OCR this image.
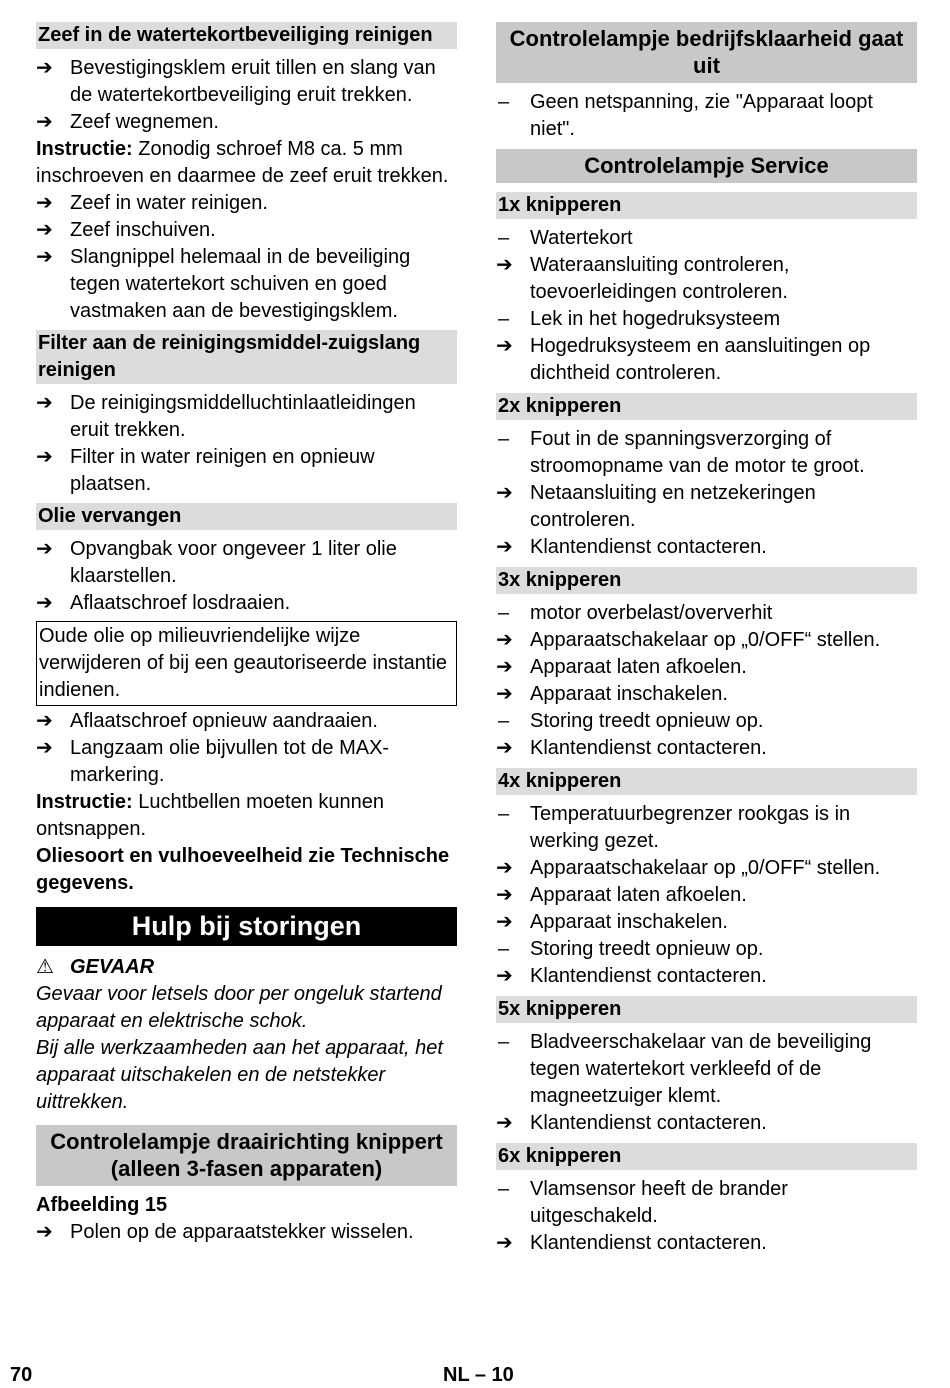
Zeef in de watertekortbeveiliging reinigen
➔ Bevestigingsklem eruit tillen en slang van de watertekortbeveiliging eruit trekken.
➔ Zeef wegnemen.

Instructie: Zonodig schroef M8 ca. 5 mm inschroeven en daarmee de zeef eruit trekken.

➔ Zeef in water reinigen.
➔ Zeef inschuiven.
➔ Slangnippel helemaal in de beveiliging tegen watertekort schuiven en goed vastmaken aan de bevestigingsklem.
Filter aan de reinigingsmiddel-zuigslang reinigen
➔ De reinigingsmiddelluchtinlaatleidingen eruit trekken.
➔ Filter in water reinigen en opnieuw plaatsen.
Olie vervangen
➔ Opvangbak voor ongeveer 1 liter olie klaarstellen.
➔ Aflaatschroef losdraaien.
Oude olie op milieuvriendelijke wijze verwijderen of bij een geautoriseerde instantie indienen.
➔ Aflaatschroef opnieuw aandraaien.
➔ Langzaam olie bijvullen tot de MAX-markering.

Instructie: Luchtbellen moeten kunnen ontsnappen.

Oliesoort en vulhoeveelheid zie Technische gegevens.

Hulp bij storingen

⚠ GEVAAR

Gevaar voor letsels door per ongeluk startend apparaat en elektrische schok.

Bij alle werkzaamheden aan het apparaat, het apparaat uitschakelen en de netstekker uittrekken.

Controlelampje draairichting knippert (alleen 3-fasen apparaten)

Afbeelding 15

➔ Polen op de apparaatstekker wisselen.
Controlelampje bedrijfsklaarheid gaat uit
–	Geen netspanning, zie "Apparaat loopt niet".
Controlelampje Service
1x knipperen
–	Watertekort
➔ Wateraansluiting controleren, toevoerleidingen controleren.
–	Lek in het hogedruksysteem
➔ Hogedruksysteem en aansluitingen op dichtheid controleren.
2x knipperen
–	Fout in de spanningsverzorging of stroomopname van de motor te groot.
➔ Netaansluiting en netzekeringen controleren.
➔ Klantendienst contacteren.
3x knipperen
–	motor overbelast/oververhit
➔ Apparaatschakelaar op „0/OFF“ stellen.
➔ Apparaat laten afkoelen.
➔ Apparaat inschakelen.
–	Storing treedt opnieuw op.
➔ Klantendienst contacteren.
4x knipperen
–	Temperatuurbegrenzer rookgas is in werking gezet.
➔ Apparaatschakelaar op „0/OFF“ stellen.
➔ Apparaat laten afkoelen.
➔ Apparaat inschakelen.
–	Storing treedt opnieuw op.
➔ Klantendienst contacteren.
5x knipperen
–	Bladveerschakelaar van de beveiliging tegen watertekort verkleefd of de magneetzuiger klemt.
➔ Klantendienst contacteren.
6x knipperen
–	Vlamsensor heeft de brander uitgeschakeld.
➔ Klantendienst contacteren.
70	NL – 10
